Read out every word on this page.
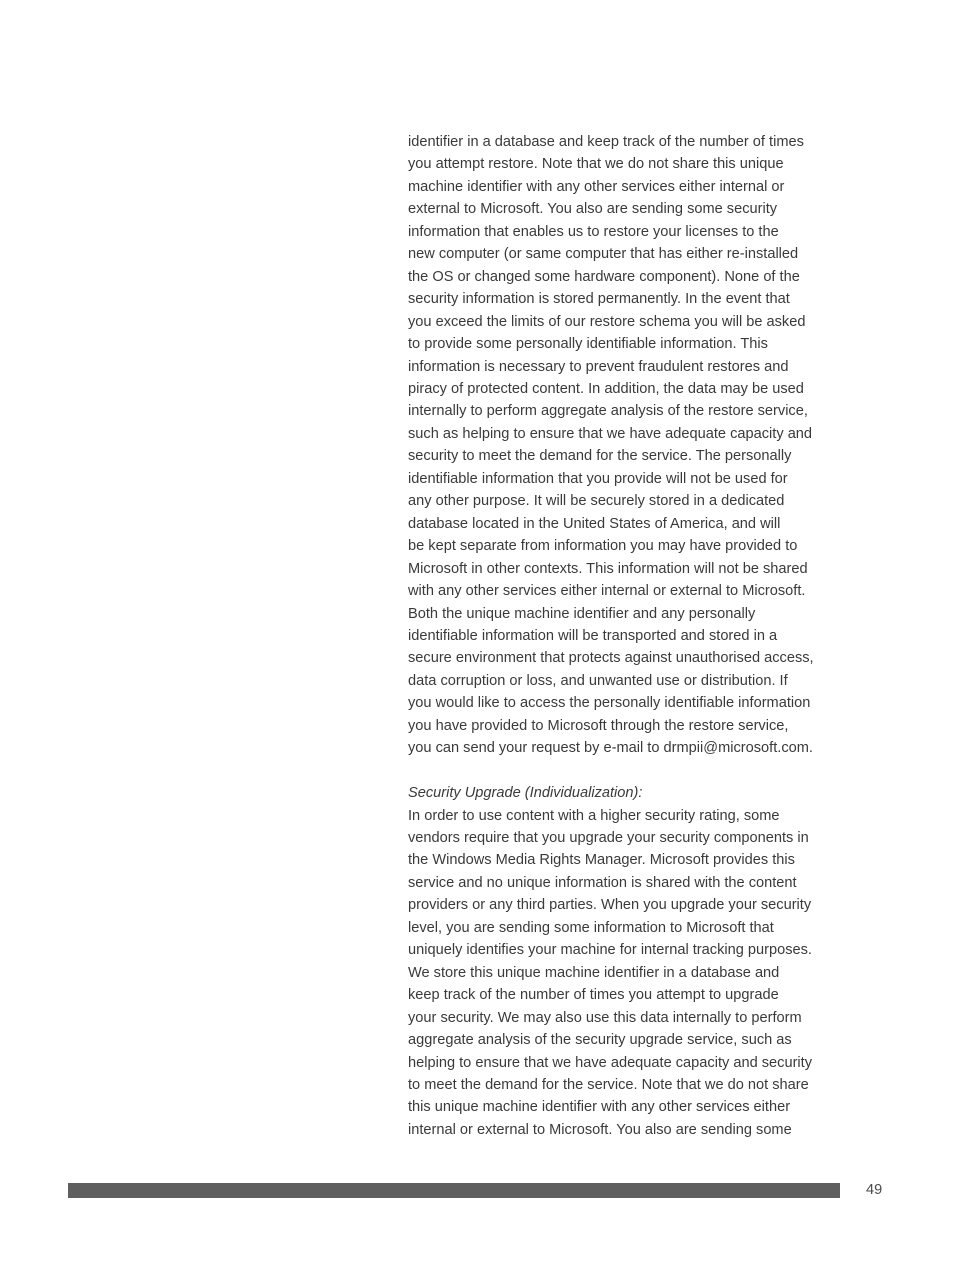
identifier in a database and keep track of the number of times
you attempt restore. Note that we do not share this unique
machine identifier with any other services either internal or
external to Microsoft. You also are sending some security
information that enables us to restore your licenses to the
new computer (or same computer that has either re-installed
the OS or changed some hardware component). None of the
security information is stored permanently. In the event that
you exceed the limits of our restore schema you will be asked
to provide some personally identifiable information. This
information is necessary to prevent fraudulent restores and
piracy of protected content. In addition, the data may be used
internally to perform aggregate analysis of the restore service,
such as helping to ensure that we have adequate capacity and
security to meet the demand for the service. The personally
identifiable information that you provide will not be used for
any other purpose. It will be securely stored in a dedicated
database located in the United States of America, and will
be kept separate from information you may have provided to
Microsoft in other contexts. This information will not be shared
with any other services either internal or external to Microsoft.
Both the unique machine identifier and any personally
identifiable information will be transported and stored in a
secure environment that protects against unauthorised access,
data corruption or loss, and unwanted use or distribution. If
you would like to access the personally identifiable information
you have provided to Microsoft through the restore service,
you can send your request by e-mail to drmpii@microsoft.com.
Security Upgrade (Individualization):
In order to use content with a higher security rating, some
vendors require that you upgrade your security components in
the Windows Media Rights Manager. Microsoft provides this
service and no unique information is shared with the content
providers or any third parties. When you upgrade your security
level, you are sending some information to Microsoft that
uniquely identifies your machine for internal tracking purposes.
We store this unique machine identifier in a database and
keep track of the number of times you attempt to upgrade
your security. We may also use this data internally to perform
aggregate analysis of the security upgrade service, such as
helping to ensure that we have adequate capacity and security
to meet the demand for the service. Note that we do not share
this unique machine identifier with any other services either
internal or external to Microsoft. You also are sending some
49
